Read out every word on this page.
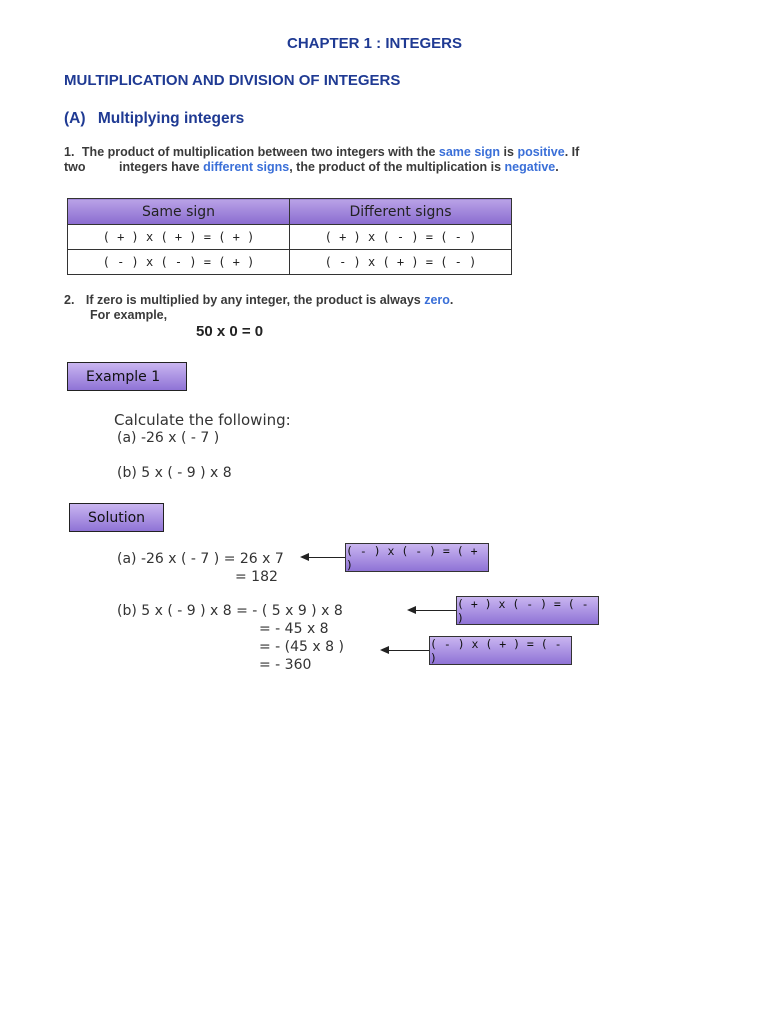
CHAPTER 1 : INTEGERS
MULTIPLICATION AND DIVISION OF INTEGERS
(A) Multiplying integers
1. The product of multiplication between two integers with the same sign is positive. If
two	integers have different signs, the product of the multiplication is negative.
Same sign	Different signs
( + ) x ( + ) = ( + )	( + ) x ( - ) = ( - )
( - ) x ( - ) = ( + )	( - ) x ( + ) = ( - )
2. If zero is multiplied by any integer, the product is always zero.
For example,
50 x 0 = 0
Example 1
Calculate the following:
(a) -26 x ( - 7 )
(b) 5 x ( - 9 ) x 8
Solution
(a) -26 x ( - 7 ) = 26 x 7
= 182
( - ) x ( - ) = ( + )
(b) 5 x ( - 9 ) x 8 = - ( 5 x 9 ) x 8
= - 45 x 8
= - (45 x 8 )
= - 360
( + ) x ( - ) = ( - )
( - ) x ( + ) = ( - )
